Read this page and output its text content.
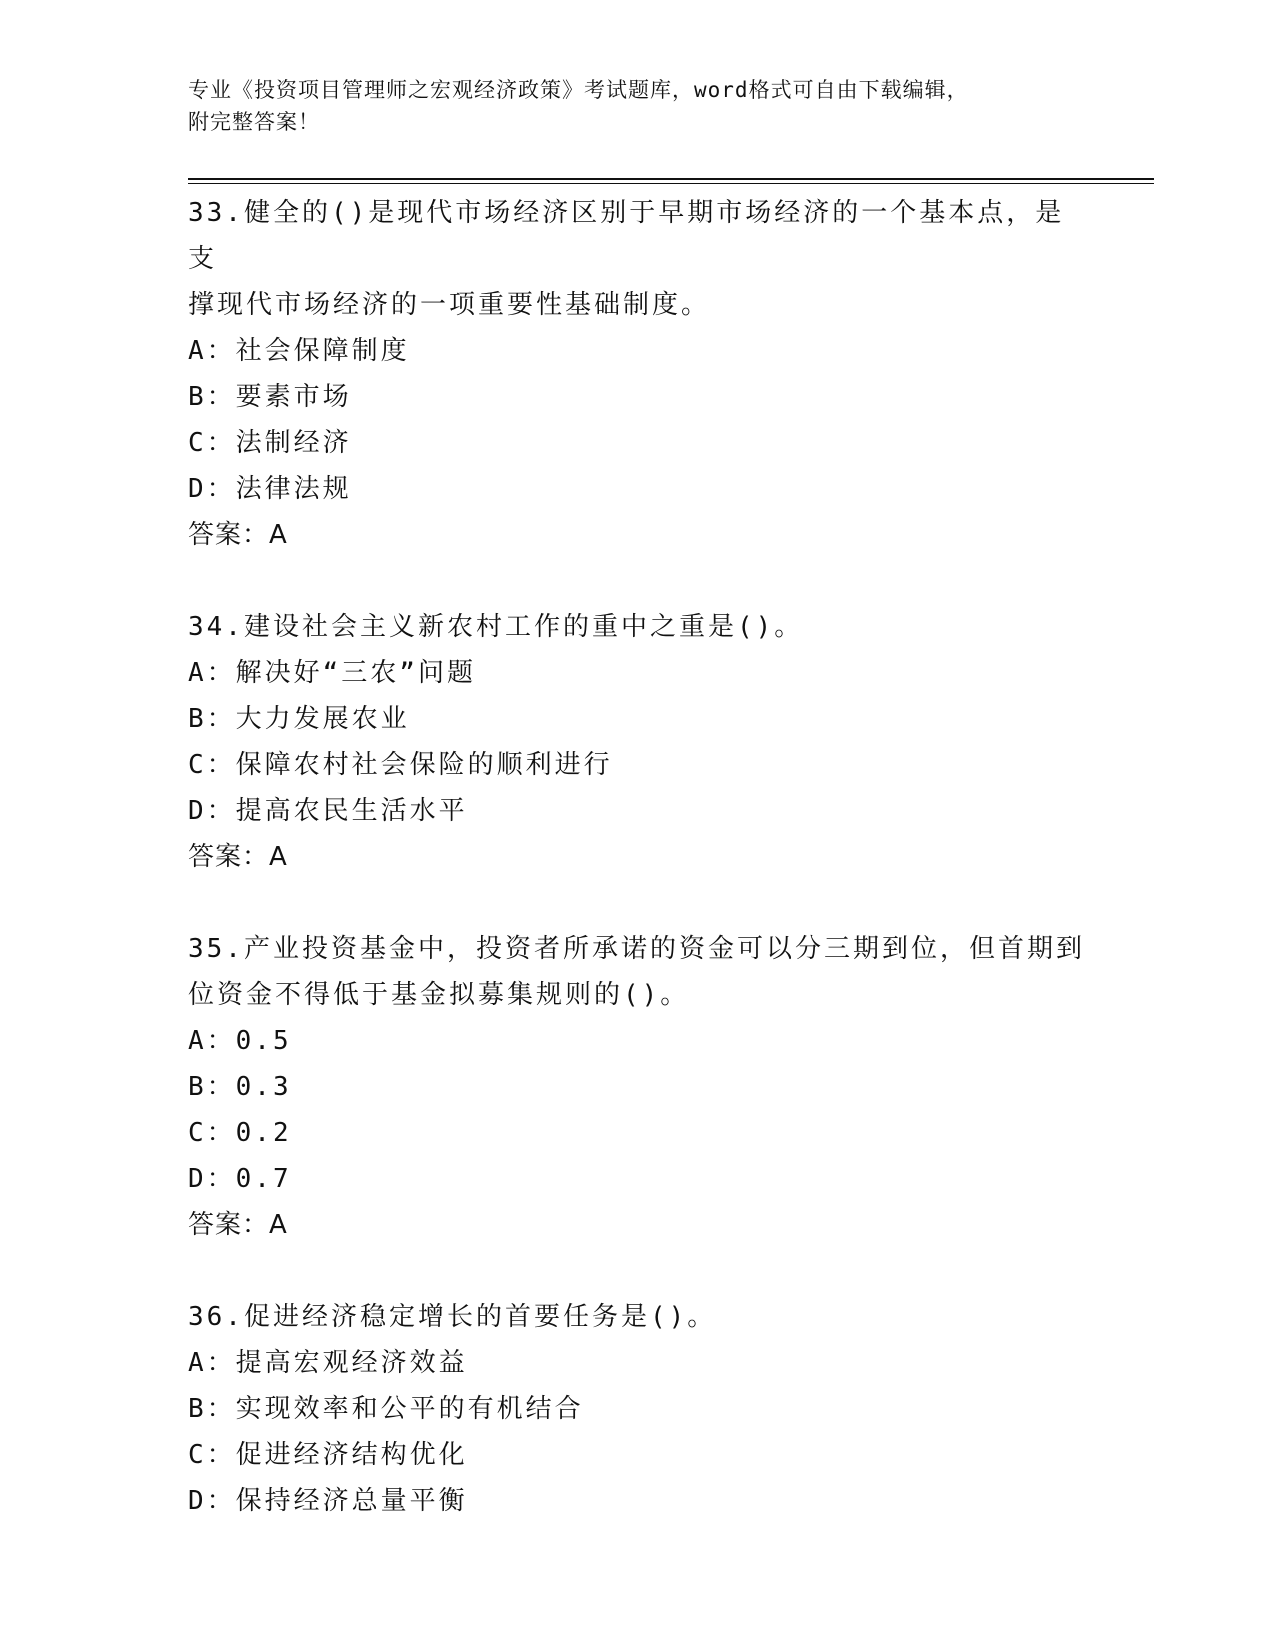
专业《投资项目管理师之宏观经济政策》考试题库，word格式可自由下载编辑，
附完整答案！

33.健全的()是现代市场经济区别于早期市场经济的一个基本点，是支

撑现代市场经济的一项重要性基础制度。

A：社会保障制度

B：要素市场

C：法制经济

D：法律法规

答案：A

34.建设社会主义新农村工作的重中之重是()。

A：解决好“三农”问题

B：大力发展农业

C：保障农村社会保险的顺利进行

D：提高农民生活水平

答案：A

35.产业投资基金中，投资者所承诺的资金可以分三期到位，但首期到

位资金不得低于基金拟募集规则的()。

A：0.5

B：0.3

C：0.2

D：0.7

答案：A

36.促进经济稳定增长的首要任务是()。

A：提高宏观经济效益

B：实现效率和公平的有机结合

C：促进经济结构优化

D：保持经济总量平衡
